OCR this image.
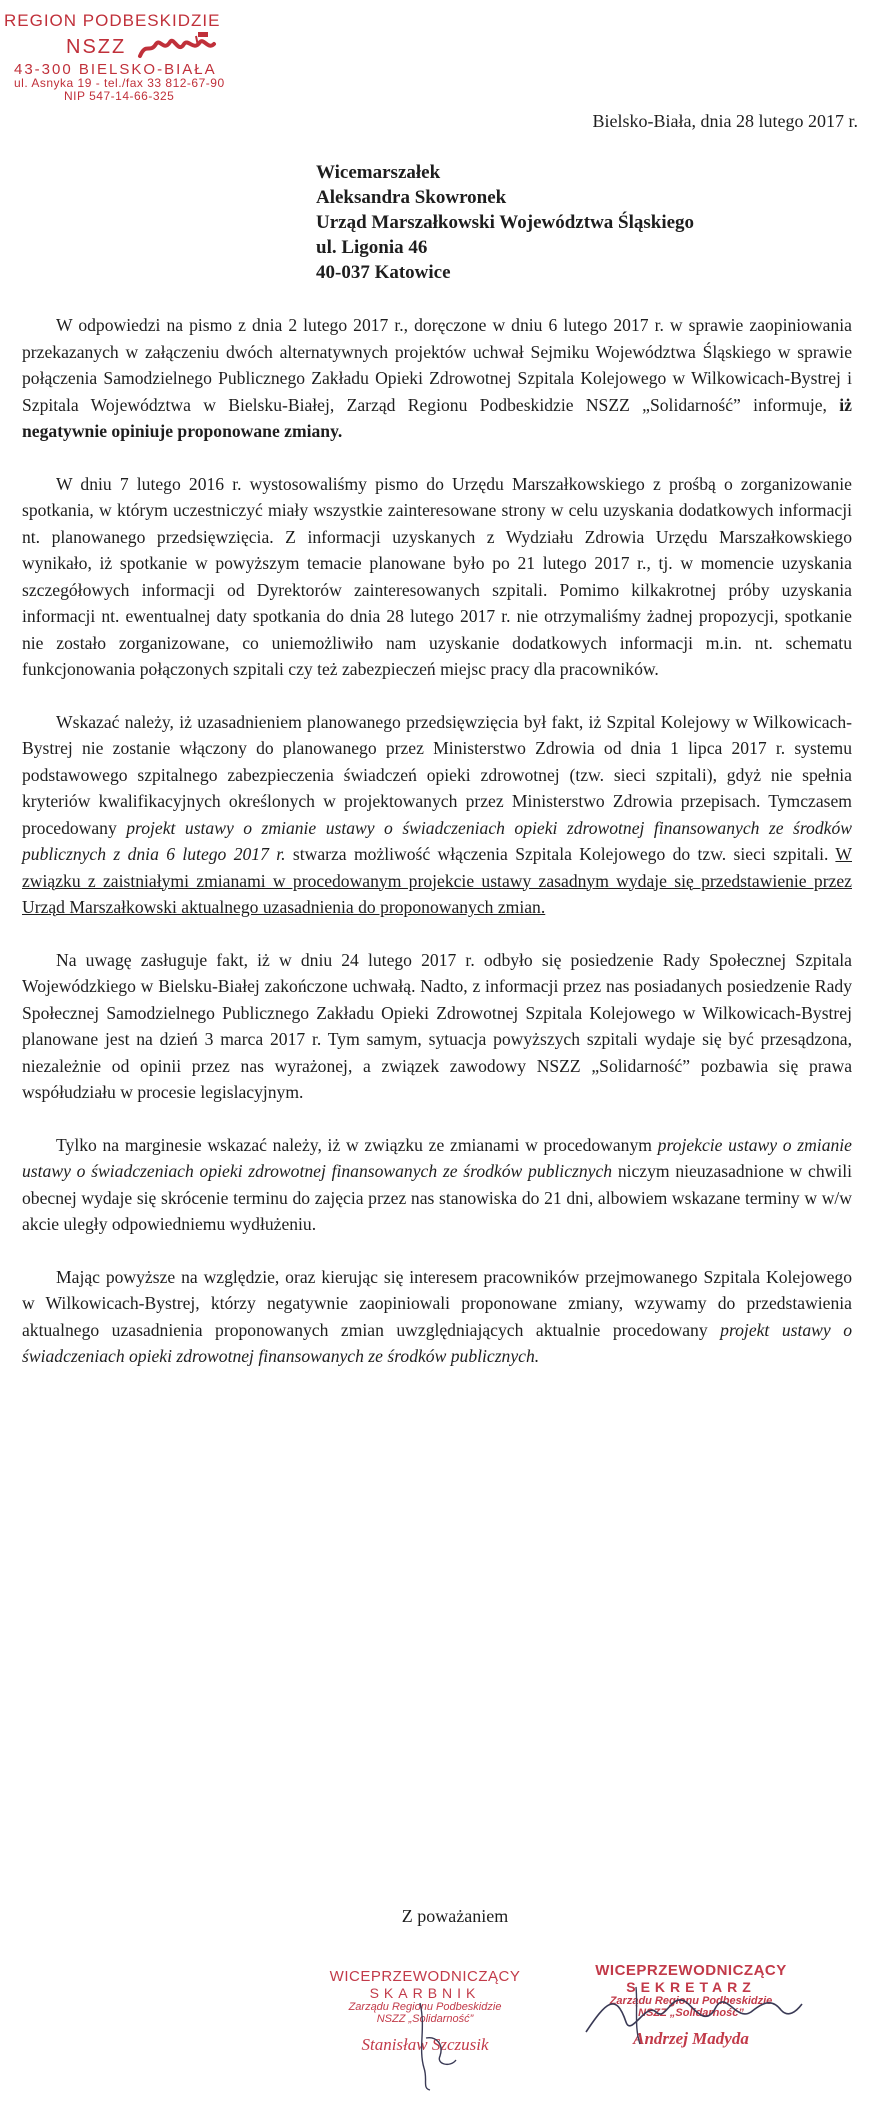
REGION PODBESKIDZIE
NSZZ
43-300 BIELSKO-BIAŁA
ul. Asnyka 19 - tel./fax 33 812-67-90
NIP 547-14-66-325
Bielsko-Biała, dnia 28 lutego 2017 r.
Wicemarszałek
Aleksandra Skowronek
Urząd Marszałkowski Województwa Śląskiego
ul. Ligonia 46
40-037 Katowice

W odpowiedzi na pismo z dnia 2 lutego 2017 r., doręczone w dniu 6 lutego 2017 r. w sprawie zaopiniowania przekazanych w załączeniu dwóch alternatywnych projektów uchwał Sejmiku Województwa Śląskiego w sprawie połączenia Samodzielnego Publicznego Zakładu Opieki Zdrowotnej Szpitala Kolejowego w Wilkowicach-Bystrej i Szpitala Województwa w Bielsku-Białej, Zarząd Regionu Podbeskidzie NSZZ „Solidarność” informuje, iż negatywnie opiniuje proponowane zmiany.

W dniu 7 lutego 2016 r. wystosowaliśmy pismo do Urzędu Marszałkowskiego z prośbą o zorganizowanie spotkania, w którym uczestniczyć miały wszystkie zainteresowane strony w celu uzyskania dodatkowych informacji nt. planowanego przedsięwzięcia. Z informacji uzyskanych z Wydziału Zdrowia Urzędu Marszałkowskiego wynikało, iż spotkanie w powyższym temacie planowane było po 21 lutego 2017 r., tj. w momencie uzyskania szczegółowych informacji od Dyrektorów zainteresowanych szpitali. Pomimo kilkakrotnej próby uzyskania informacji nt. ewentualnej daty spotkania do dnia 28 lutego 2017 r. nie otrzymaliśmy żadnej propozycji, spotkanie nie zostało zorganizowane, co uniemożliwiło nam uzyskanie dodatkowych informacji m.in. nt. schematu funkcjonowania połączonych szpitali czy też zabezpieczeń miejsc pracy dla pracowników.

Wskazać należy, iż uzasadnieniem planowanego przedsięwzięcia był fakt, iż Szpital Kolejowy w Wilkowicach-Bystrej nie zostanie włączony do planowanego przez Ministerstwo Zdrowia od dnia 1 lipca 2017 r. systemu podstawowego szpitalnego zabezpieczenia świadczeń opieki zdrowotnej (tzw. sieci szpitali), gdyż nie spełnia kryteriów kwalifikacyjnych określonych w projektowanych przez Ministerstwo Zdrowia przepisach. Tymczasem procedowany projekt ustawy o zmianie ustawy o świadczeniach opieki zdrowotnej finansowanych ze środków publicznych z dnia 6 lutego 2017 r. stwarza możliwość włączenia Szpitala Kolejowego do tzw. sieci szpitali. W związku z zaistniałymi zmianami w procedowanym projekcie ustawy zasadnym wydaje się przedstawienie przez Urząd Marszałkowski aktualnego uzasadnienia do proponowanych zmian.

Na uwagę zasługuje fakt, iż w dniu 24 lutego 2017 r. odbyło się posiedzenie Rady Społecznej Szpitala Wojewódzkiego w Bielsku-Białej zakończone uchwałą. Nadto, z informacji przez nas posiadanych posiedzenie Rady Społecznej Samodzielnego Publicznego Zakładu Opieki Zdrowotnej Szpitala Kolejowego w Wilkowicach-Bystrej planowane jest na dzień 3 marca 2017 r. Tym samym, sytuacja powyższych szpitali wydaje się być przesądzona, niezależnie od opinii przez nas wyrażonej, a związek zawodowy NSZZ „Solidarność” pozbawia się prawa współudziału w procesie legislacyjnym.

Tylko na marginesie wskazać należy, iż w związku ze zmianami w procedowanym projekcie ustawy o zmianie ustawy o świadczeniach opieki zdrowotnej finansowanych ze środków publicznych niczym nieuzasadnione w chwili obecnej wydaje się skrócenie terminu do zajęcia przez nas stanowiska do 21 dni, albowiem wskazane terminy w w/w akcie uległy odpowiedniemu wydłużeniu.

Mając powyższe na względzie, oraz kierując się interesem pracowników przejmowanego Szpitala Kolejowego w Wilkowicach-Bystrej, którzy negatywnie zaopiniowali proponowane zmiany, wzywamy do przedstawienia aktualnego uzasadnienia proponowanych zmian uwzględniających aktualnie procedowany projekt ustawy o świadczeniach opieki zdrowotnej finansowanych ze środków publicznych.

Z poważaniem
WICEPRZEWODNICZĄCY
SKARBNIK
Zarządu Regionu Podbeskidzie
NSZZ „Solidarność”
Stanisław Szczusik
WICEPRZEWODNICZĄCY
SEKRETARZ
Zarządu Regionu Podbeskidzie
NSZZ „Solidarność”
Andrzej Madyda
